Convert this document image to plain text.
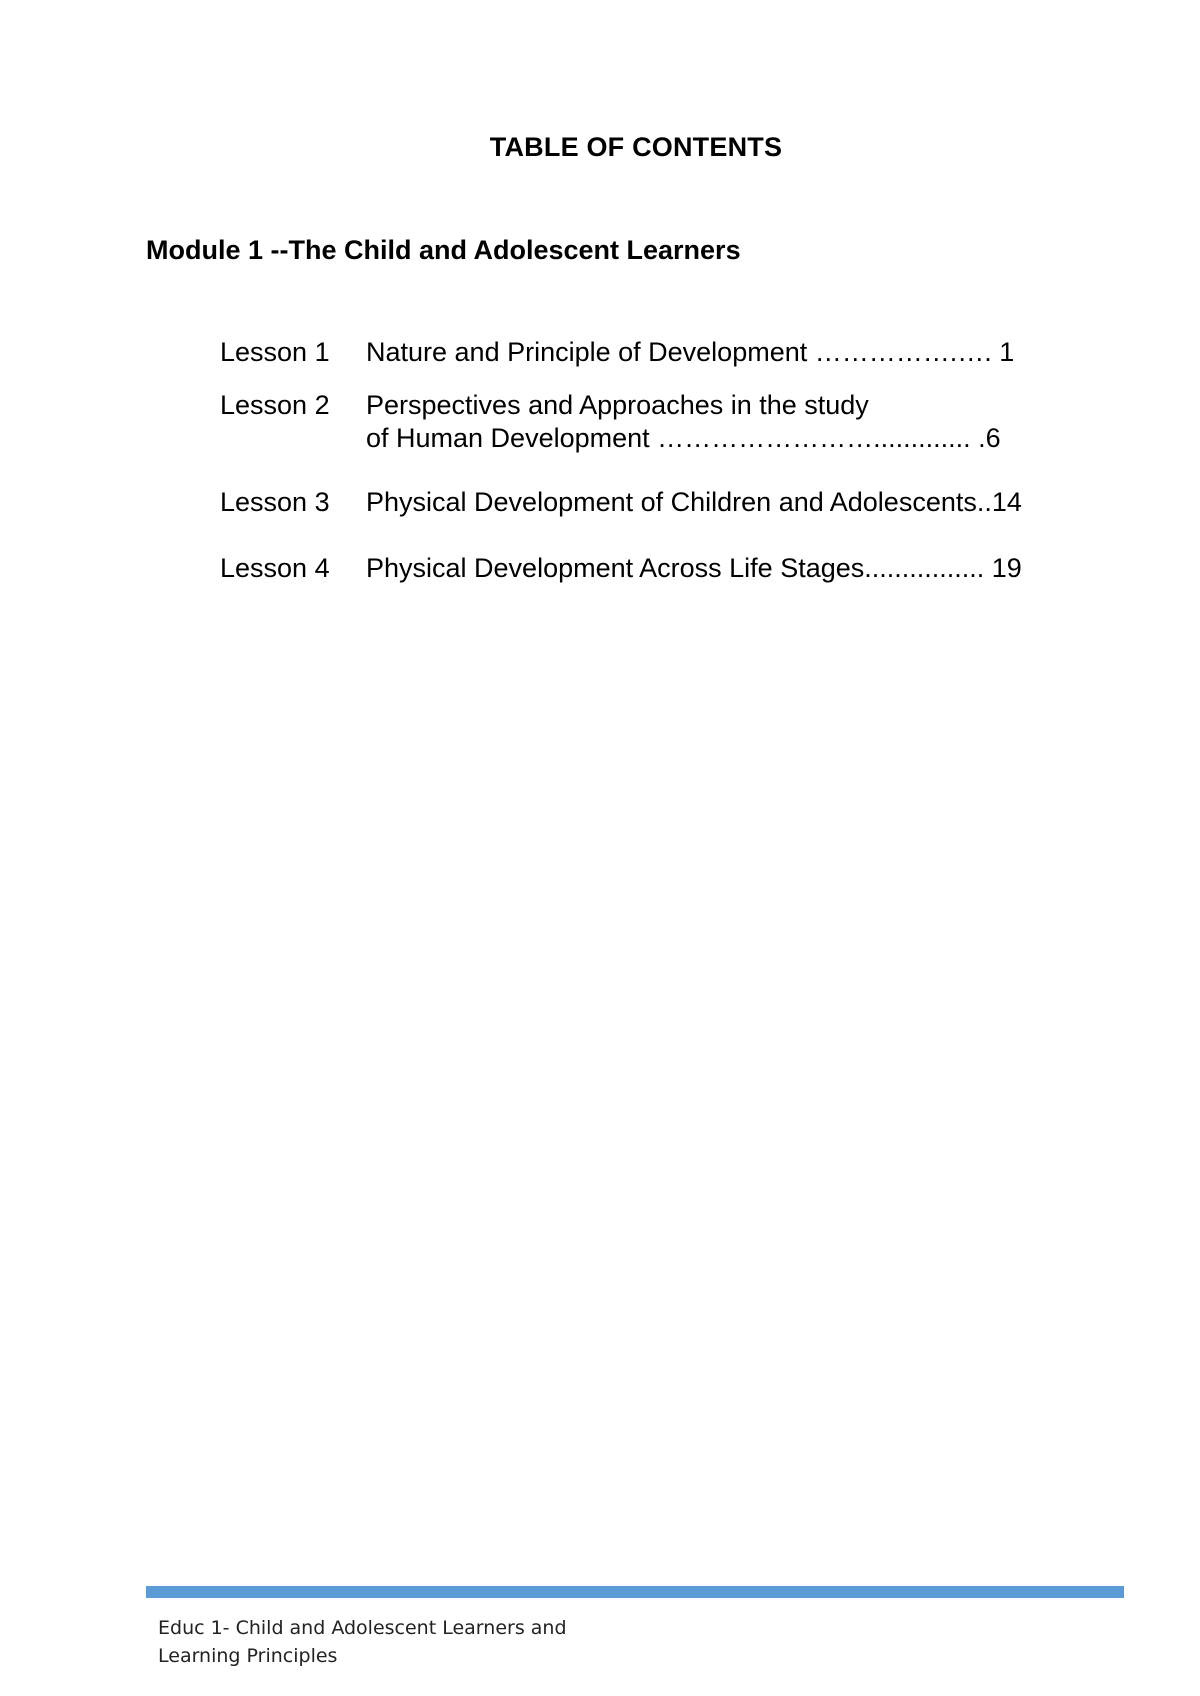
TABLE OF CONTENTS
Module 1 --The Child and Adolescent Learners
Lesson 1 Nature and Principle of Development …………….…. 1
Lesson 2 Perspectives and Approaches in the study
of Human Development ……………………............. .6
Lesson 3 Physical Development of Children and Adolescents..14
Lesson 4 Physical Development Across Life Stages................ 19
Educ 1- Child and Adolescent Learners and
Learning Principles
